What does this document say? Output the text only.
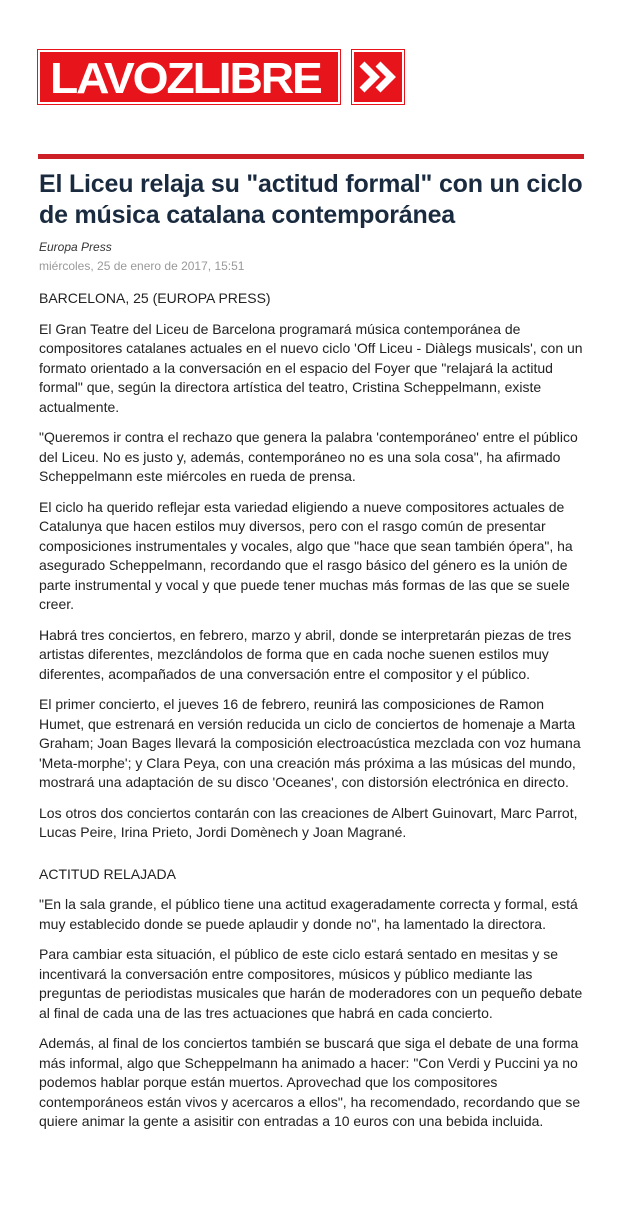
LAVOZLIBRE
El Liceu relaja su "actitud formal" con un ciclo de música catalana contemporánea
Europa Press
miércoles, 25 de enero de 2017, 15:51

BARCELONA, 25 (EUROPA PRESS)

El Gran Teatre del Liceu de Barcelona programará música contemporánea de compositores catalanes actuales en el nuevo ciclo 'Off Liceu - Diàlegs musicals', con un formato orientado a la conversación en el espacio del Foyer que "relajará la actitud formal" que, según la directora artística del teatro, Cristina Scheppelmann, existe actualmente.

"Queremos ir contra el rechazo que genera la palabra 'contemporáneo' entre el público del Liceu. No es justo y, además, contemporáneo no es una sola cosa", ha afirmado Scheppelmann este miércoles en rueda de prensa.

El ciclo ha querido reflejar esta variedad eligiendo a nueve compositores actuales de Catalunya que hacen estilos muy diversos, pero con el rasgo común de presentar composiciones instrumentales y vocales, algo que "hace que sean también ópera", ha asegurado Scheppelmann, recordando que el rasgo básico del género es la unión de parte instrumental y vocal y que puede tener muchas más formas de las que se suele creer.

Habrá tres conciertos, en febrero, marzo y abril, donde se interpretarán piezas de tres artistas diferentes, mezclándolos de forma que en cada noche suenen estilos muy diferentes, acompañados de una conversación entre el compositor y el público.

El primer concierto, el jueves 16 de febrero, reunirá las composiciones de Ramon Humet, que estrenará en versión reducida un ciclo de conciertos de homenaje a Marta Graham; Joan Bages llevará la composición electroacústica mezclada con voz humana 'Meta-morphe'; y Clara Peya, con una creación más próxima a las músicas del mundo, mostrará una adaptación de su disco 'Oceanes', con distorsión electrónica en directo.

Los otros dos conciertos contarán con las creaciones de Albert Guinovart, Marc Parrot, Lucas Peire, Irina Prieto, Jordi Domènech y Joan Magrané.

ACTITUD RELAJADA

"En la sala grande, el público tiene una actitud exageradamente correcta y formal, está muy establecido donde se puede aplaudir y donde no", ha lamentado la directora.

Para cambiar esta situación, el público de este ciclo estará sentado en mesitas y se incentivará la conversación entre compositores, músicos y público mediante las preguntas de periodistas musicales que harán de moderadores con un pequeño debate al final de cada una de las tres actuaciones que habrá en cada concierto.

Además, al final de los conciertos también se buscará que siga el debate de una forma más informal, algo que Scheppelmann ha animado a hacer: "Con Verdi y Puccini ya no podemos hablar porque están muertos. Aprovechad que los compositores contemporáneos están vivos y acercaros a ellos", ha recomendado, recordando que se quiere animar la gente a asisitir con entradas a 10 euros con una bebida incluida.
